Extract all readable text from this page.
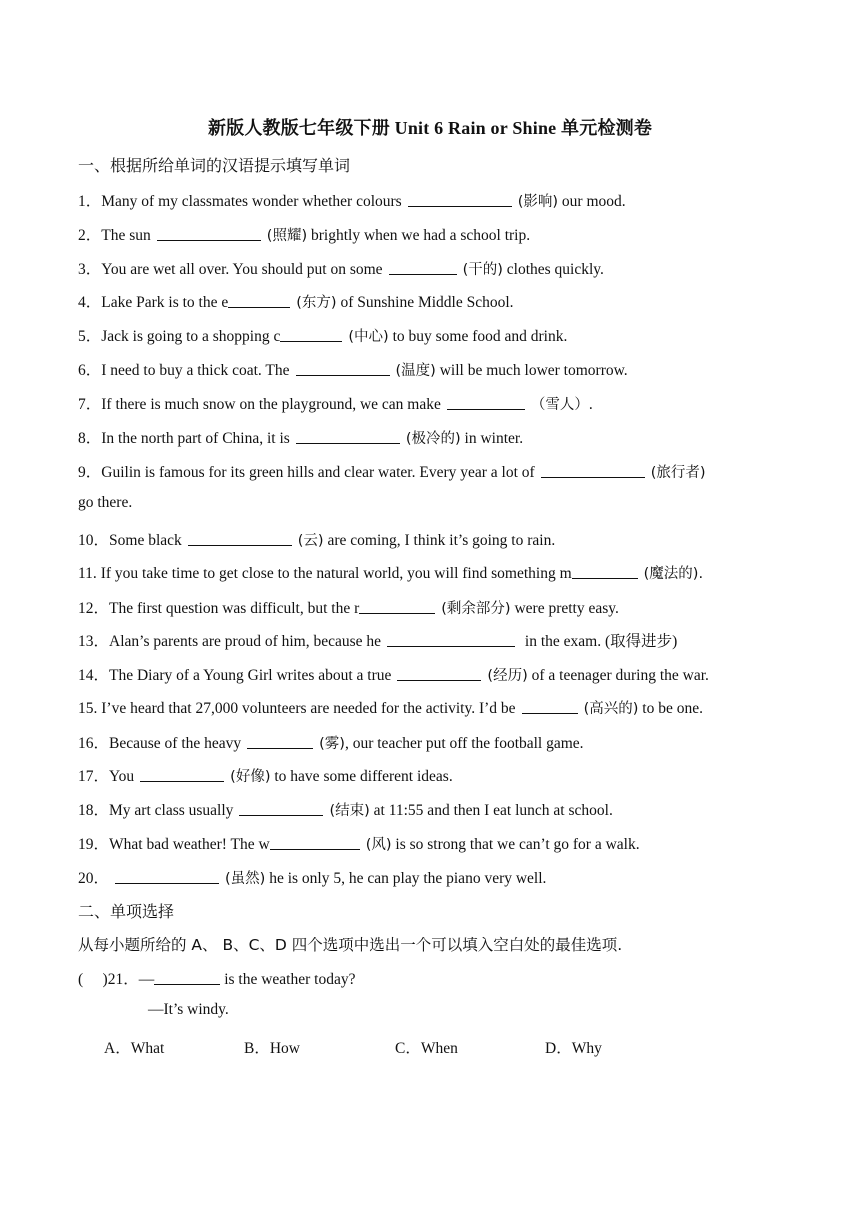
新版人教版七年级下册 Unit 6 Rain or Shine 单元检测卷
一、根据所给单词的汉语提示填写单词
1．Many of my classmates wonder whether colours	(影响) our mood.
2．The sun	(照耀) brightly when we had a school trip.
3．You are wet all over. You should put on some	(干的) clothes quickly.
4．Lake Park is to the e	(东方) of Sunshine Middle School.
5．Jack is going to a shopping c	(中心) to buy some food and drink.
6．I need to buy a thick coat. The	(温度) will be much lower tomorrow.
7．If there is much snow on the playground, we can make	（雪人）.
8．In the north part of China, it is	(极冷的) in winter.
9．Guilin is famous for its green hills and clear water. Every year a lot of	(旅行者)
go there.
10．Some black	(云) are coming, I think it’s going to rain.
11. If you take time to get close to the natural world, you will find something m	(魔法的).
12．The first question was difficult, but the r	(剩余部分) were pretty easy.
13．Alan’s parents are proud of him, because he	in the exam. (取得进步)
14．The Diary of a Young Girl writes about a true	(经历) of a teenager during the war.
15. I’ve heard that 27,000 volunteers are needed for the activity. I’d be	(高兴的) to be one.
16．Because of the heavy	(雾), our teacher put off the football game.
17．You	(好像) to have some different ideas.
18．My art class usually	(结束) at 11:55 and then I eat lunch at school.
19．What bad weather! The w	(风) is so strong that we can’t go for a walk.
20．	(虽然) he is only 5, he can play the piano very well.
二、单项选择
从每小题所给的 A、 B、C、D 四个选项中选出一个可以填入空白处的最佳选项.
(　 )21．—	is the weather today?
—It’s windy.
A．What	B．How	C．When	D．Why
